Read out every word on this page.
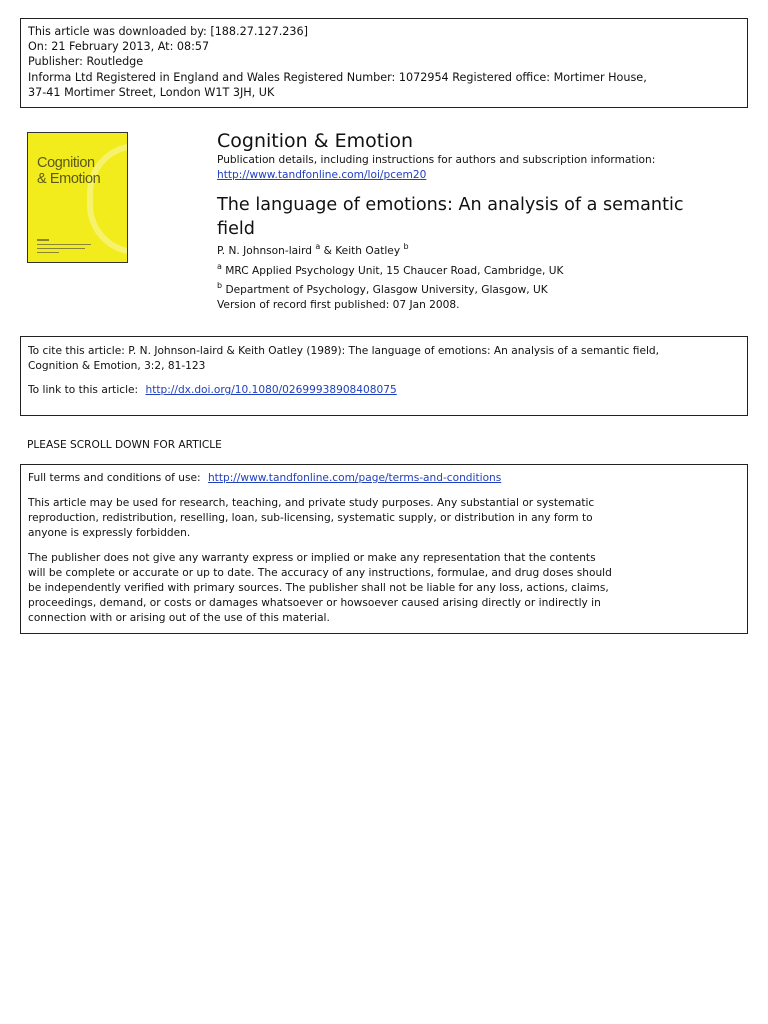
This article was downloaded by: [188.27.127.236]
On: 21 February 2013, At: 08:57
Publisher: Routledge
Informa Ltd Registered in England and Wales Registered Number: 1072954 Registered office: Mortimer House,
37-41 Mortimer Street, London W1T 3JH, UK
Cognition
& Emotion
Cognition & Emotion
Publication details, including instructions for authors and subscription information:
http://www.tandfonline.com/loi/pcem20
The language of emotions: An analysis of a semantic field
P. N. Johnson-laird $^a$ & Keith Oatley $^b$
$^a$ MRC Applied Psychology Unit, 15 Chaucer Road, Cambridge, UK
$^b$ Department of Psychology, Glasgow University, Glasgow, UK
Version of record first published: 07 Jan 2008.
To cite this article: P. N. Johnson-laird & Keith Oatley (1989): The language of emotions: An analysis of a semantic field,
Cognition & Emotion, 3:2, 81-123
To link to this article: http://dx.doi.org/10.1080/02699938908408075
PLEASE SCROLL DOWN FOR ARTICLE
Full terms and conditions of use: http://www.tandfonline.com/page/terms-and-conditions
This article may be used for research, teaching, and private study purposes. Any substantial or systematic
reproduction, redistribution, reselling, loan, sub-licensing, systematic supply, or distribution in any form to
anyone is expressly forbidden.
The publisher does not give any warranty express or implied or make any representation that the contents
will be complete or accurate or up to date. The accuracy of any instructions, formulae, and drug doses should
be independently verified with primary sources. The publisher shall not be liable for any loss, actions, claims,
proceedings, demand, or costs or damages whatsoever or howsoever caused arising directly or indirectly in
connection with or arising out of the use of this material.
